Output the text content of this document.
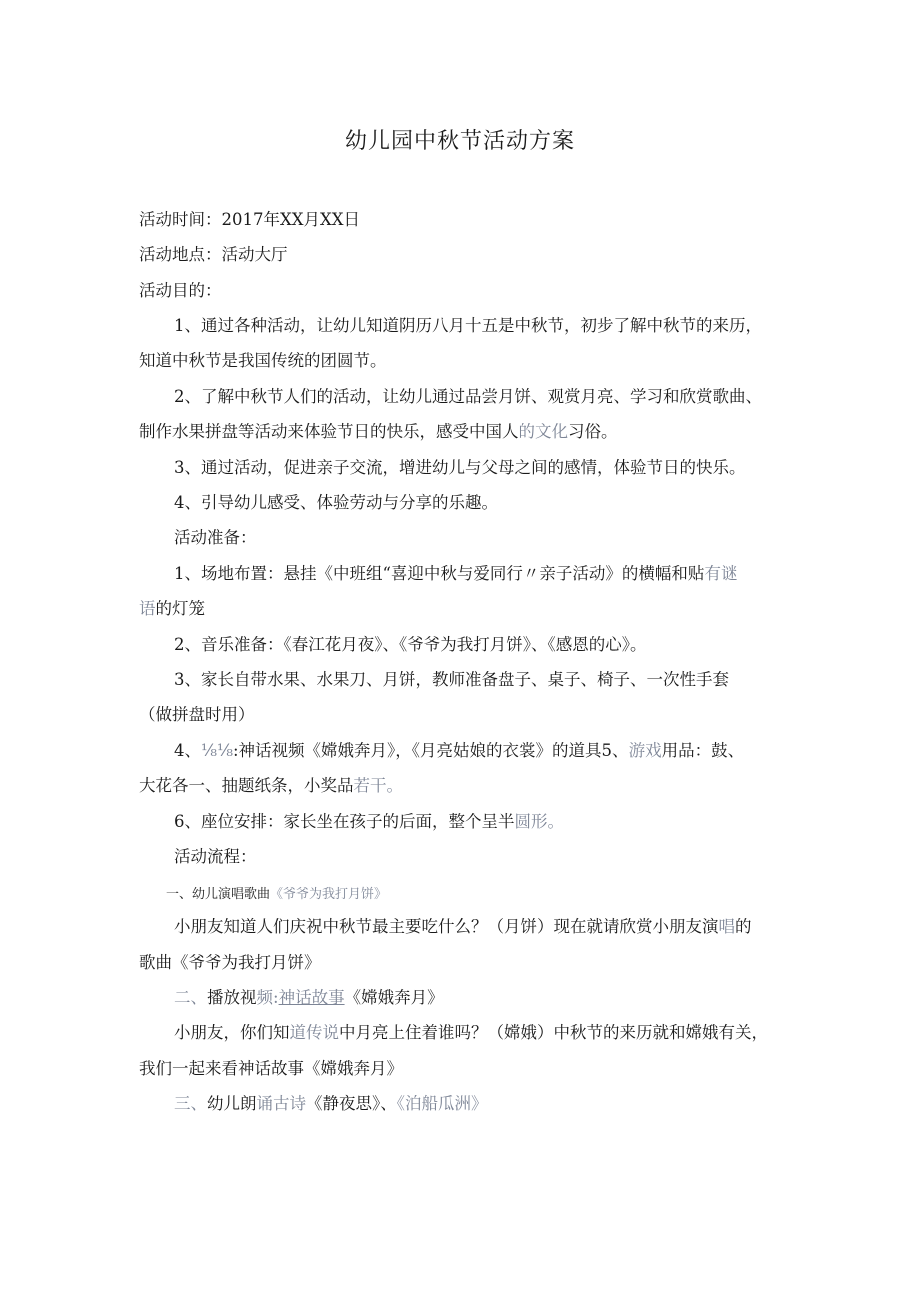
幼儿园中秋节活动方案
活动时间：2017年XX月XX日
活动地点：活动大厅
活动目的：
1、通过各种活动，让幼儿知道阴历八月十五是中秋节，初步了解中秋节的来历，
知道中秋节是我国传统的团圆节。
2、了解中秋节人们的活动，让幼儿通过品尝月饼、观赏月亮、学习和欣赏歌曲、
制作水果拼盘等活动来体验节日的快乐，感受中国人的文化习俗。
3、通过活动，促进亲子交流，增进幼儿与父母之间的感情，体验节日的快乐。
4、引导幼儿感受、体验劳动与分享的乐趣。
活动准备：
1、场地布置：悬挂《中班组“喜迎中秋与爱同行〃亲子活动》的横幅和贴有谜
语的灯笼
2、音乐准备：《春江花月夜》、《爷爷为我打月饼》、《感恩的心》。
3、家长自带水果、水果刀、月饼，教师准备盘子、桌子、椅子、一次性手套
（做拼盘时用）
4、⅛⅛:神话视频《嫦娥奔月》，《月亮姑娘的衣裳》的道具5、游戏用品：鼓、
大花各一、抽题纸条，小奖品若干。
6、座位安排：家长坐在孩子的后面，整个呈半圆形。
活动流程：
一、幼儿演唱歌曲《爷爷为我打月饼》
小朋友知道人们庆祝中秋节最主要吃什么？（月饼）现在就请欣赏小朋友演唱的
歌曲《爷爷为我打月饼》
二、播放视频:神话故事《嫦娥奔月》
小朋友，你们知道传说中月亮上住着谁吗？（嫦娥）中秋节的来历就和嫦娥有关，
我们一起来看神话故事《嫦娥奔月》
三、幼儿朗诵古诗《静夜思》、《泊船瓜洲》
